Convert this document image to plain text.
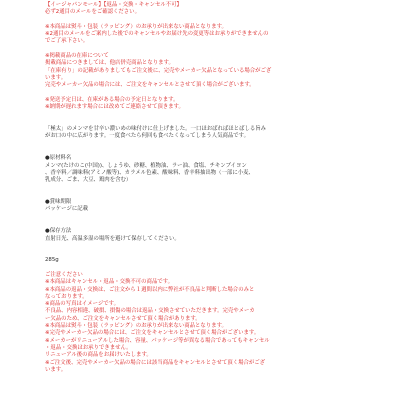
【イージャパンモール】【返品・交換・キャンセル不可】
必ず2通目のメールをご確認ください。
※本商品は熨斗・包装（ラッピング）のお承りが出来ない商品となります。
※2通目のメールをご案内した後でのキャンセルやお届け先の変更等はお承りができませんの
でご了承下さい。
※掲載商品の在庫について
掲載商品につきましては、他店併売商品となります。
「在庫有り」の記載がありましてもご注文後に、完売やメーカー欠品となっている場合がござ
います。
完売やメーカー欠品の場合には、ご注文をキャンセルとさせて頂く場合がございます。
※発送予定日は、在庫がある場合の予定日となります。
※納期が遅れます場合には改めてご連絡させて頂きます。
「極太」のメンマを甘辛い濃いめの味付けに仕上げました。一口ほおばればほとばしる旨み
がお口の中に広がります。一度食べたら何回も食べたくなってしまう人気商品です。
●原材料名
メンマ(たけのこ(中国))、しょうゆ、砂糖、植物油、ラー油、食塩、チキンブイヨン
、香辛料／調味料(アミノ酸等)、カラメル色素、酸味料、香辛料抽出物（一部に小麦、
乳成分、ごま、大豆、鶏肉を含む）
●賞味期限
パッケージに記載
●保存方法
直射日光、高温多湿の場所を避けて保存してください。
285g
ご注意ください
※本商品はキャンセル・返品・交換不可の商品です。
※本商品の返品・交換は、ご注文から１週間以内に弊社が不良品と判断した場合のみと
なっております。
※商品の写真はイメージです。
不良品、内容相違、破損、損傷の場合は返品・交換させていただきます。完売やメーカ
ー欠品のため、ご注文をキャンセルさせて頂く場合があります。
※本商品は熨斗・包装（ラッピング）のお承りが出来ない商品となります。
※完売やメーカー欠品の場合には、ご注文をキャンセルとさせて頂く場合がございます。
※メーカーがリニューアルした場合、容量、パッケージ等が異なる場合であってもキャンセル
・返品・交換はお承りできません。
リニューアル後の商品をお届けいたします。
※ご注文後、完売やメーカー欠品の場合には該当商品をキャンセルとさせて頂く場合がござ
います。
